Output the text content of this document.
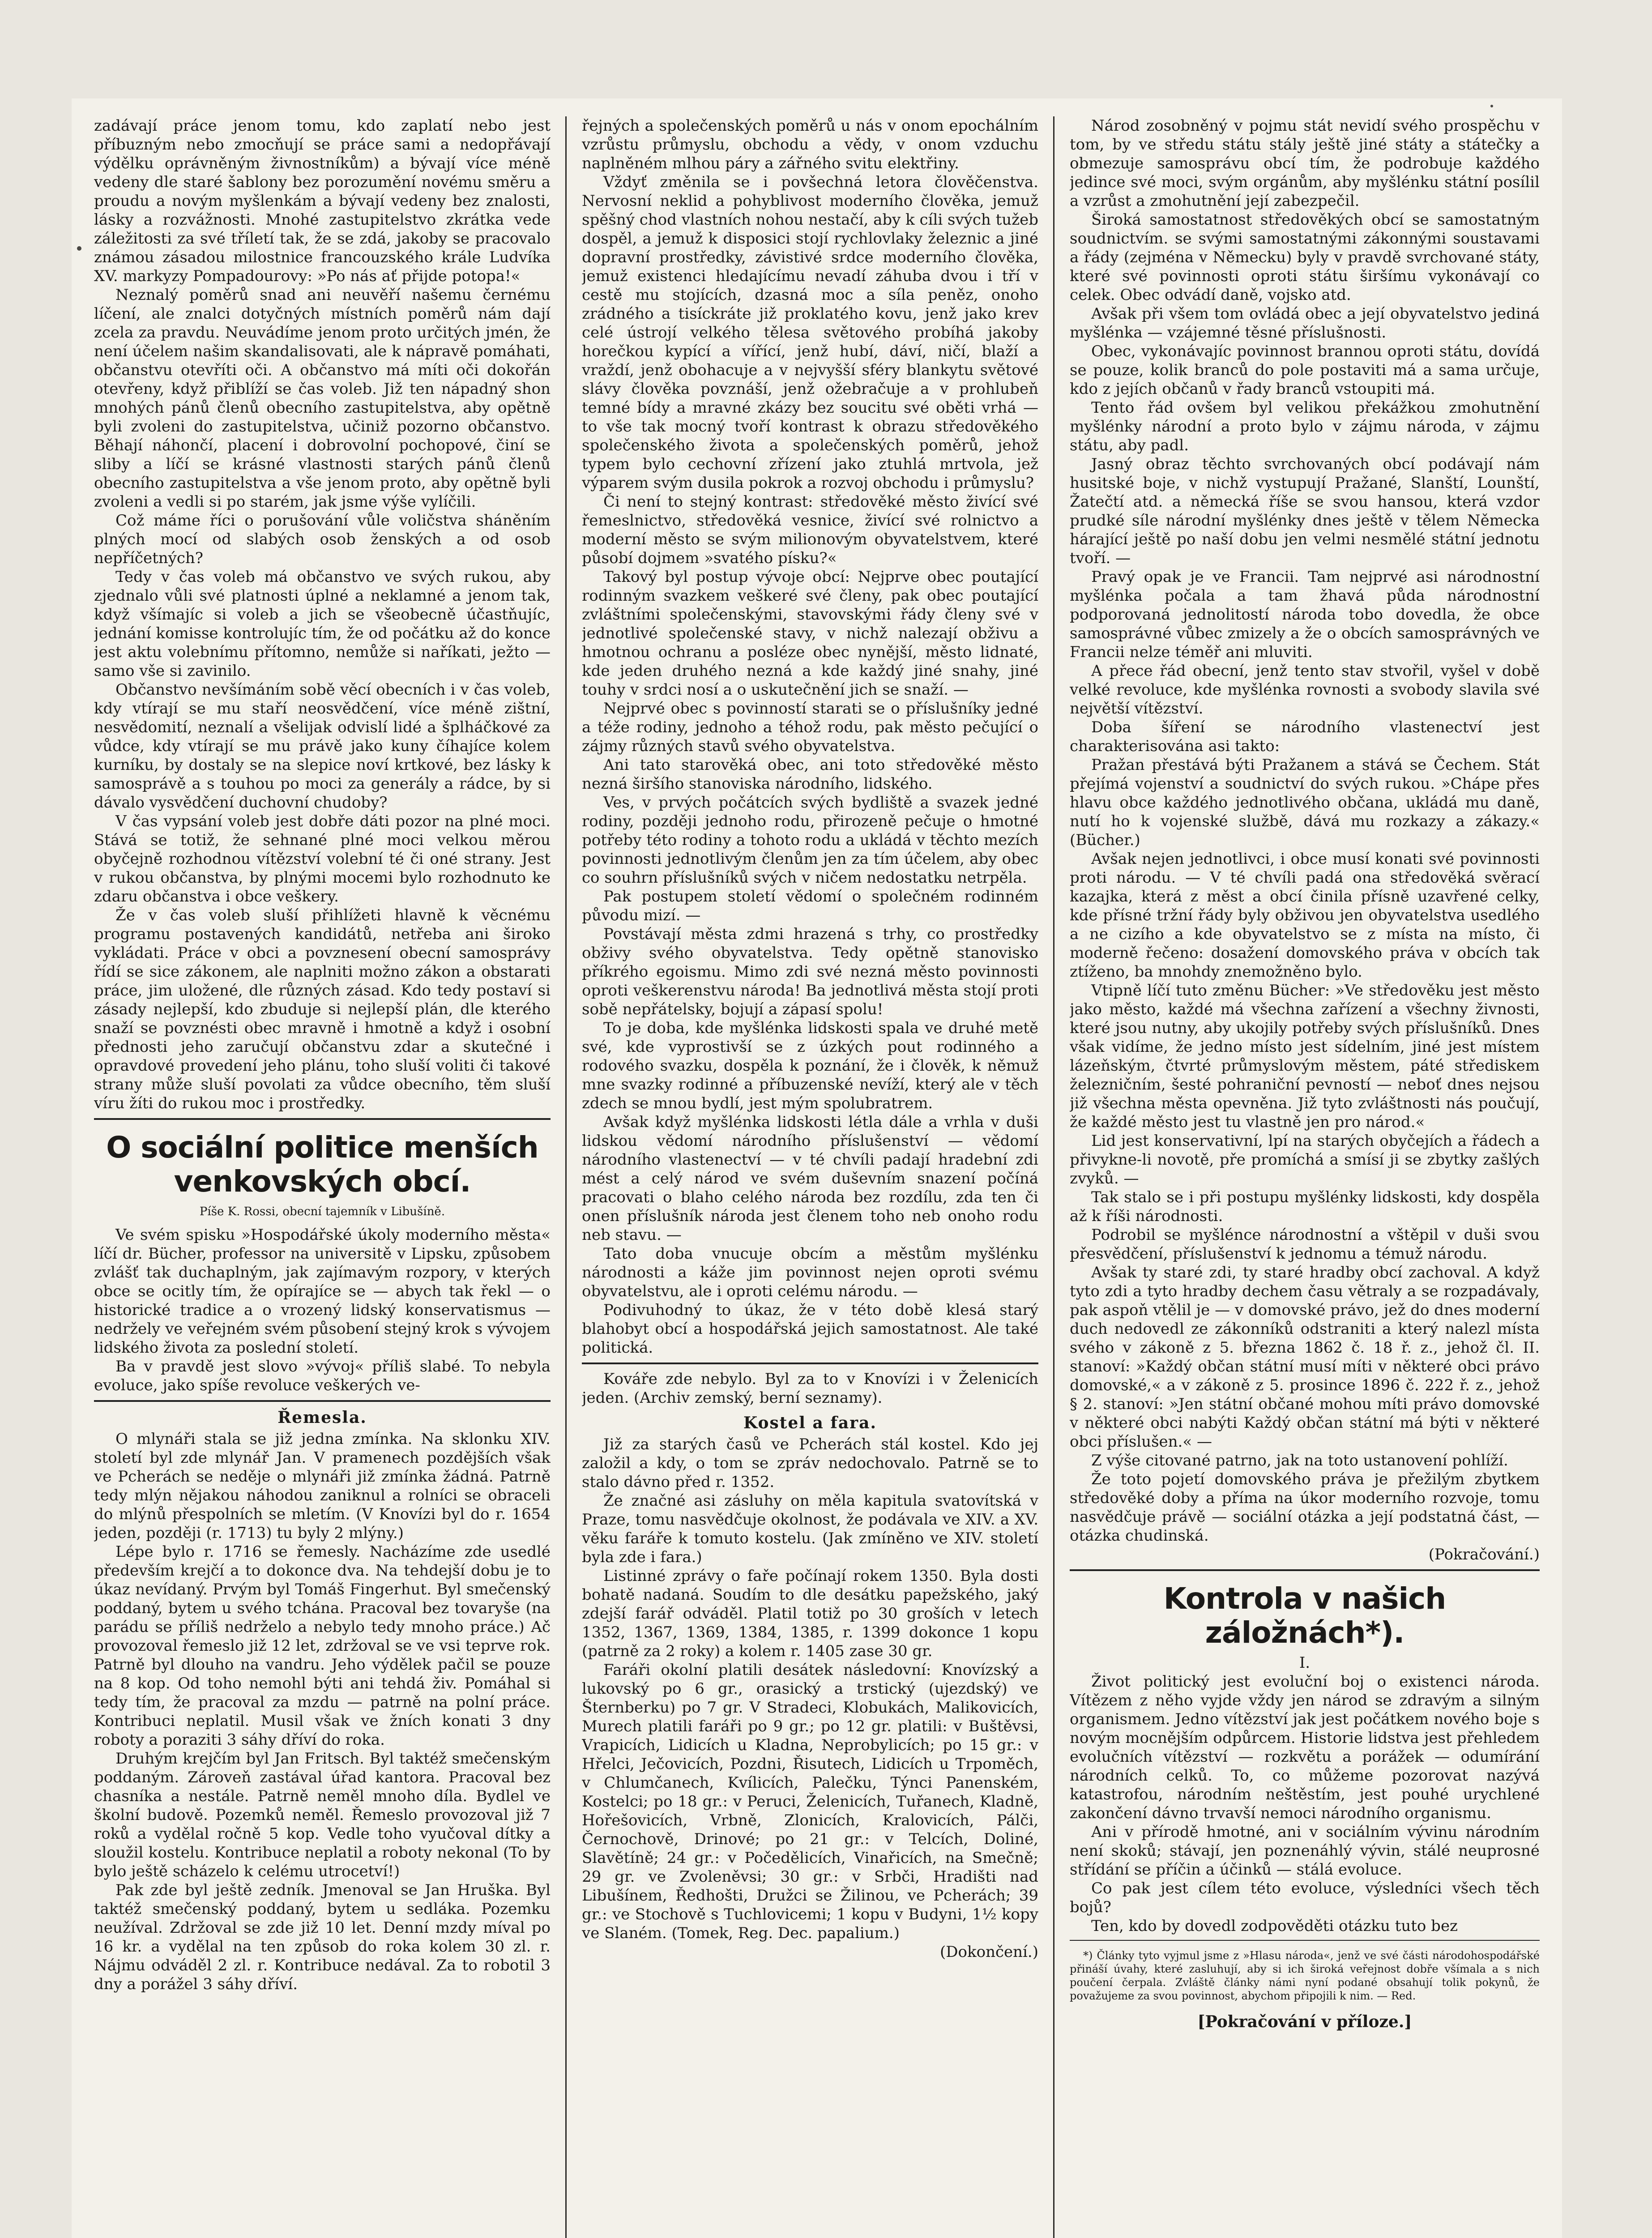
zadávají práce jenom tomu, kdo zaplatí nebo jest příbuzným nebo zmocňují se práce sami a nedopřávají výdělku oprávněným živnostníkům) a bývají více méně vedeny dle staré šablony bez porozumění novému směru a proudu a novým myšlenkám a bývají vedeny bez znalosti, lásky a rozvážnosti. Mnohé zastupitelstvo zkrátka vede záležitosti za své tříletí tak, že se zdá, jakoby se pracovalo známou zásadou milostnice francouzského krále Ludvíka XV. markyzy Pompadourovy: »Po nás ať přijde potopa!«

Neznalý poměrů snad ani neuvěří našemu černému líčení, ale znalci dotyčných místních poměrů nám dají zcela za pravdu. Neuvádíme jenom proto určitých jmén, že není účelem našim skandalisovati, ale k nápravě pomáhati, občanstvu otevříti oči. A občanstvo má míti oči dokořán otevřeny, když přiblíží se čas voleb. Již ten nápadný shon mnohých pánů členů obecního zastupitelstva, aby opětně byli zvoleni do zastupitelstva, učiniž pozorno občanstvo. Běhají náhončí, placení i dobrovolní pochopové, činí se sliby a líčí se krásné vlastnosti starých pánů členů obecního zastupitelstva a vše jenom proto, aby opětně byli zvoleni a vedli si po starém, jak jsme výše vylíčili.

Což máme říci o porušování vůle voličstva sháněním plných mocí od slabých osob ženských a od osob nepříčetných?

Tedy v čas voleb má občanstvo ve svých rukou, aby zjednalo vůli své platnosti úplné a neklamné a jenom tak, když všímajíc si voleb a jich se všeobecně účastňujíc, jednání komisse kontrolujíc tím, že od počátku až do konce jest aktu volebnímu přítomno, nemůže si naříkati, ježto — samo vše si zavinilo.

Občanstvo nevšímáním sobě věcí obecních i v čas voleb, kdy vtírají se mu staří neosvědčení, více méně zištní, nesvědomití, neznalí a všelijak odvislí lidé a šplháčkové za vůdce, kdy vtírají se mu právě jako kuny číhajíce kolem kurníku, by dostaly se na slepice noví krtkové, bez lásky k samosprávě a s touhou po moci za generály a rádce, by si dávalo vysvědčení duchovní chudoby?

V čas vypsání voleb jest dobře dáti pozor na plné moci. Stává se totiž, že sehnané plné moci velkou měrou obyčejně rozhodnou vítězství volební té či oné strany. Jest v rukou občanstva, by plnými mocemi bylo rozhodnuto ke zdaru občanstva i obce veškery.

Že v čas voleb sluší přihlížeti hlavně k věcnému programu postavených kandidátů, netřeba ani široko vykládati. Práce v obci a povznesení obecní samosprávy řídí se sice zákonem, ale naplniti možno zákon a obstarati práce, jim uložené, dle různých zásad. Kdo tedy postaví si zásady nejlepší, kdo zbuduje si nejlepší plán, dle kterého snaží se povznésti obec mravně i hmotně a když i osobní přednosti jeho zaručují občanstvu zdar a skutečné i opravdové provedení jeho plánu, toho sluší voliti či takové strany může sluší povolati za vůdce obecního, těm sluší víru žíti do rukou moc i prostředky.

O sociální politice menších venkovských obcí.
Píše K. Rossi, obecní tajemník v Libušíně.

Ve svém spisku »Hospodářské úkoly moderního města« líčí dr. Bücher, professor na universitě v Lipsku, způsobem zvlášť tak duchaplným, jak zajímavým rozpory, v kterých obce se ocitly tím, že opírajíce se — abych tak řekl — o historické tradice a o vrozený lidský konservatismus — nedržely ve veřejném svém působení stejný krok s vývojem lidského života za poslední století.

Ba v pravdě jest slovo »vývoj« příliš slabé. To nebyla evoluce, jako spíše revoluce veškerých ve-

Řemesla.

O mlynáři stala se již jedna zmínka. Na sklonku XIV. století byl zde mlynář Jan. V pramenech pozdějších však ve Pcherách se neděje o mlynáři již zmínka žádná. Patrně tedy mlýn nějakou náhodou zaniknul a rolníci se obraceli do mlýnů přespolních se mletím. (V Knovízi byl do r. 1654 jeden, později (r. 1713) tu byly 2 mlýny.)

Lépe bylo r. 1716 se řemesly. Nacházíme zde usedlé především krejčí a to dokonce dva. Na tehdejší dobu je to úkaz nevídaný. Prvým byl Tomáš Fingerhut. Byl smečenský poddaný, bytem u svého tchána. Pracoval bez tovaryše (na parádu se příliš nedrželo a nebylo tedy mnoho práce.) Ač provozoval řemeslo již 12 let, zdržoval se ve vsi teprve rok. Patrně byl dlouho na vandru. Jeho výdělek pačil se pouze na 8 kop. Od toho nemohl býti ani tehdá živ. Pomáhal si tedy tím, že pracoval za mzdu — patrně na polní práce. Kontribuci neplatil. Musil však ve žních konati 3 dny roboty a poraziti 3 sáhy dříví do roka.

Druhým krejčím byl Jan Fritsch. Byl taktéž smečenským poddaným. Zároveň zastával úřad kantora. Pracoval bez chasníka a nestále. Patrně neměl mnoho díla. Bydlel ve školní budově. Pozemků neměl. Řemeslo provozoval již 7 roků a vydělal ročně 5 kop. Vedle toho vyučoval dítky a sloužil kostelu. Kontribuce neplatil a roboty nekonal (To by bylo ještě scházelo k celému utrocetví!)

Pak zde byl ještě zedník. Jmenoval se Jan Hruška. Byl taktéž smečenský poddaný, bytem u sedláka. Pozemku neužíval. Zdržoval se zde již 10 let. Denní mzdy míval po 16 kr. a vydělal na ten způsob do roka kolem 30 zl. r. Nájmu odváděl 2 zl. r. Kontribuce nedával. Za to robotil 3 dny a porážel 3 sáhy dříví.

řejných a společenských poměrů u nás v onom epochálním vzrůstu průmyslu, obchodu a vědy, v onom vzduchu naplněném mlhou páry a zářného svitu elektřiny.

Vždyť změnila se i povšechná letora člověčenstva. Nervosní neklid a pohyblivost moderního člověka, jemuž spěšný chod vlastních nohou nestačí, aby k cíli svých tužeb dospěl, a jemuž k disposici stojí rychlovlaky železnic a jiné dopravní prostředky, závistivé srdce moderního člověka, jemuž existenci hledajícímu nevadí záhuba dvou i tří v cestě mu stojících, dzasná moc a síla peněz, onoho zrádného a tisíckráte již proklatého kovu, jenž jako krev celé ústrojí velkého tělesa světového probíhá jakoby horečkou kypící a vířící, jenž hubí, dáví, ničí, blaží a vraždí, jenž obohacuje a v nejvyšší sféry blankytu světové slávy člověka povznáší, jenž ožebračuje a v prohlubeň temné bídy a mravné zkázy bez soucitu své oběti vrhá — to vše tak mocný tvoří kontrast k obrazu středověkého společenského života a společenských poměrů, jehož typem bylo cechovní zřízení jako ztuhlá mrtvola, jež výparem svým dusila pokrok a rozvoj obchodu i průmyslu?

Či není to stejný kontrast: středověké město živící své řemeslnictvo, středověká vesnice, živící své rolnictvo a moderní město se svým milionovým obyvatelstvem, které působí dojmem »svatého písku?«

Takový byl postup vývoje obcí: Nejprve obec poutající rodinným svazkem veškeré své členy, pak obec poutající zvláštními společenskými, stavovskými řády členy své v jednotlivé společenské stavy, v nichž nalezají obživu a hmotnou ochranu a posléze obec nynější, město lidnaté, kde jeden druhého nezná a kde každý jiné snahy, jiné touhy v srdci nosí a o uskutečnění jich se snaží. —

Nejprvé obec s povinností starati se o příslušníky jedné a téže rodiny, jednoho a téhož rodu, pak město pečující o zájmy různých stavů svého obyvatelstva.

Ani tato starověká obec, ani toto středověké město nezná širšího stanoviska národního, lidského.

Ves, v prvých počátcích svých bydliště a svazek jedné rodiny, později jednoho rodu, přirozeně pečuje o hmotné potřeby této rodiny a tohoto rodu a ukládá v těchto mezích povinnosti jednotlivým členům jen za tím účelem, aby obec co souhrn příslušníků svých v ničem nedostatku netrpěla.

Pak postupem století vědomí o společném rodinném původu mizí. —

Povstávají města zdmi hrazená s trhy, co prostředky obživy svého obyvatelstva. Tedy opětně stanovisko příkrého egoismu. Mimo zdi své nezná město povinnosti oproti veškerenstvu národa! Ba jednotlivá města stojí proti sobě nepřátelsky, bojují a zápasí spolu!

To je doba, kde myšlénka lidskosti spala ve druhé metě své, kde vyprostivší se z úzkých pout rodinného a rodového svazku, dospěla k poznání, že i člověk, k němuž mne svazky rodinné a příbuzenské nevíží, který ale v těch zdech se mnou bydlí, jest mým spolubratrem.

Avšak když myšlénka lidskosti létla dále a vrhla v duši lidskou vědomí národního příslušenství — vědomí národního vlastenectví — v té chvíli padají hradební zdi mést a celý národ ve svém duševním snazení počíná pracovati o blaho celého národa bez rozdílu, zda ten či onen příslušník národa jest členem toho neb onoho rodu neb stavu. —

Tato doba vnucuje obcím a městům myšlénku národnosti a káže jim povinnost nejen oproti svému obyvatelstvu, ale i oproti celému národu. —

Podivuhodný to úkaz, že v této době klesá starý blahobyt obcí a hospodářská jejich samostatnost. Ale také politická.

Kováře zde nebylo. Byl za to v Knovízi i v Želenicích jeden. (Archiv zemský, berní seznamy).

Kostel a fara.

Již za starých časů ve Pcherách stál kostel. Kdo jej založil a kdy, o tom se zpráv nedochovalo. Patrně se to stalo dávno před r. 1352.

Že značné asi zásluhy on měla kapitula svatovítská v Praze, tomu nasvědčuje okolnost, že podávala ve XIV. a XV. věku faráře k tomuto kostelu. (Jak zmíněno ve XIV. století byla zde i fara.)

Listinné zprávy o faře počínají rokem 1350. Byla dosti bohatě nadaná. Soudím to dle desátku papežského, jaký zdejší farář odváděl. Platil totiž po 30 groších v letech 1352, 1367, 1369, 1384, 1385, r. 1399 dokonce 1 kopu (patrně za 2 roky) a kolem r. 1405 zase 30 gr.

Faráři okolní platili desátek následovní: Knovízský a lukovský po 6 gr., orasický a trstický (ujezdský) ve Šternberku) po 7 gr. V Stradeci, Klobukách, Malikovicích, Murech platili faráři po 9 gr.; po 12 gr. platili: v Buštěvsi, Vrapicích, Lidicích u Kladna, Neprobylicích; po 15 gr.: v Hřelci, Ječovicích, Pozdni, Řisutech, Lidicích u Trpoměch, v Chlumčanech, Kvílicích, Palečku, Týnci Panenském, Kostelci; po 18 gr.: v Peruci, Želenicích, Tuřanech, Kladně, Hořešovicích, Vrbně, Zlonicích, Kralovicích, Pálči, Černochově, Drinové; po 21 gr.: v Telcích, Doliné, Slavětíně; 24 gr.: v Počedělicích, Vinařicích, na Smečně; 29 gr. ve Zvoleněvsi; 30 gr.: v Srbči, Hradišti nad Libušínem, Ředhošti, Družci se Žilinou, ve Pcherách; 39 gr.: ve Stochově s Tuchlovicemi; 1 kopu v Budyni, 1½ kopy ve Slaném. (Tomek, Reg. Dec. papalium.)

(Dokončení.)

Národ zosobněný v pojmu stát nevidí svého prospěchu v tom, by ve středu státu stály ještě jiné státy a státečky a obmezuje samosprávu obcí tím, že podrobuje každého jedince své moci, svým orgánům, aby myšlénku státní posílil a vzrůst a zmohutnění její zabezpečil.

Široká samostatnost středověkých obcí se samostatným soudnictvím. se svými samostatnými zákonnými soustavami a řády (zejména v Německu) byly v pravdě svrchované státy, které své povinnosti oproti státu širšímu vykonávají co celek. Obec odvádí daně, vojsko atd.

Avšak při všem tom ovládá obec a její obyvatelstvo jediná myšlénka — vzájemné těsné příslušnosti.

Obec, vykonávajíc povinnost brannou oproti státu, dovídá se pouze, kolik branců do pole postaviti má a sama určuje, kdo z jejích občanů v řady branců vstoupiti má.

Tento řád ovšem byl velikou překážkou zmohutnění myšlénky národní a proto bylo v zájmu národa, v zájmu státu, aby padl.

Jasný obraz těchto svrchovaných obcí podávají nám husitské boje, v nichž vystupují Pražané, Slanští, Lounští, Žatečtí atd. a německá říše se svou hansou, která vzdor prudké síle národní myšlénky dnes ještě v tělem Německa hárající ještě po naší dobu jen velmi nesmělé státní jednotu tvoří. —

Pravý opak je ve Francii. Tam nejprvé asi národnostní myšlénka počala a tam žhavá půda národnostní podporovaná jednolitostí národa tobo dovedla, že obce samosprávné vůbec zmizely a že o obcích samosprávných ve Francii nelze téměř ani mluviti.

A přece řád obecní, jenž tento stav stvořil, vyšel v době velké revoluce, kde myšlénka rovnosti a svobody slavila své největší vítězství.

Doba šíření se národního vlastenectví jest charakterisována asi takto:

Pražan přestává býti Pražanem a stává se Čechem. Stát přejímá vojenství a soudnictví do svých rukou. »Chápe přes hlavu obce každého jednotlivého občana, ukládá mu daně, nutí ho k vojenské službě, dává mu rozkazy a zákazy.« (Bücher.)

Avšak nejen jednotlivci, i obce musí konati své povinnosti proti národu. — V té chvíli padá ona středověká svěrací kazajka, která z měst a obcí činila přísně uzavřené celky, kde přísné tržní řády byly obživou jen obyvatelstva usedlého a ne cizího a kde obyvatelstvo se z místa na místo, či moderně řečeno: dosažení domovského práva v obcích tak ztíženo, ba mnohdy znemožněno bylo.

Vtipně líčí tuto změnu Bücher: »Ve středověku jest město jako město, každé má všechna zařízení a všechny živnosti, které jsou nutny, aby ukojily potřeby svých příslušníků. Dnes však vidíme, že jedno místo jest sídelním, jiné jest místem lázeňským, čtvrté průmyslovým městem, páté střediskem železničním, šesté pohraniční pevností — neboť dnes nejsou již všechna města opevněna. Již tyto zvláštnosti nás poučují, že každé město jest tu vlastně jen pro národ.«

Lid jest konservativní, lpí na starých obyčejích a řádech a přivykne-li novotě, pře promíchá a smísí ji se zbytky zašlých zvyků. —

Tak stalo se i při postupu myšlénky lidskosti, kdy dospěla až k říši národnosti.

Podrobil se myšlénce národnostní a vštěpil v duši svou přesvědčení, příslušenství k jednomu a témuž národu.

Avšak ty staré zdi, ty staré hradby obcí zachoval. A když tyto zdi a tyto hradby dechem času větraly a se rozpadávaly, pak aspoň vtělil je — v domovské právo, jež do dnes moderní duch nedovedl ze zákonníků odstraniti a který nalezl místa svého v zákoně z 5. března 1862 č. 18 ř. z., jehož čl. II. stanoví: »Každý občan státní musí míti v některé obci právo domovské,« a v zákoně z 5. prosince 1896 č. 222 ř. z., jehož § 2. stanoví: »Jen státní občané mohou míti právo domovské v některé obci nabýti Každý občan státní má býti v některé obci příslušen.« —

Z výše citované patrno, jak na toto ustanovení pohlíží.

Že toto pojetí domovského práva je přežilým zbytkem středověké doby a příma na úkor moderního rozvoje, tomu nasvědčuje právě — sociální otázka a její podstatná část, — otázka chudinská.

(Pokračování.)
Kontrola v našich záložnách*).
I.

Život politický jest evoluční boj o existenci národa. Vítězem z něho vyjde vždy jen národ se zdravým a silným organismem. Jedno vítězství jak jest počátkem nového boje s novým mocnějším odpůrcem. Historie lidstva jest přehledem evolučních vítězství — rozkvětu a porážek — odumírání národních celků. To, co můžeme pozorovat nazývá katastrofou, národním neštěstím, jest pouhé urychlené zakončení dávno trvavší nemoci národního organismu.

Ani v přírodě hmotné, ani v sociálním vývinu národním není skoků; stávají, jen poznenáhlý vývin, stálé neuprosné střídání se příčin a účinků — stálá evoluce.

Co pak jest cílem této evoluce, výsledníci všech těch bojů?

Ten, kdo by dovedl zodpověděti otázku tuto bez

*) Články tyto vyjmul jsme z »Hlasu národa«, jenž ve své části národohospodářské přináší úvahy, které zasluhují, aby si ich široká veřejnost dobře všímala a s nich poučení čerpala. Zvláště články námi nyní podané obsahují tolik pokynů, že považujeme za svou povinnost, abychom připojili k nim. — Red.
[Pokračování v příloze.]
